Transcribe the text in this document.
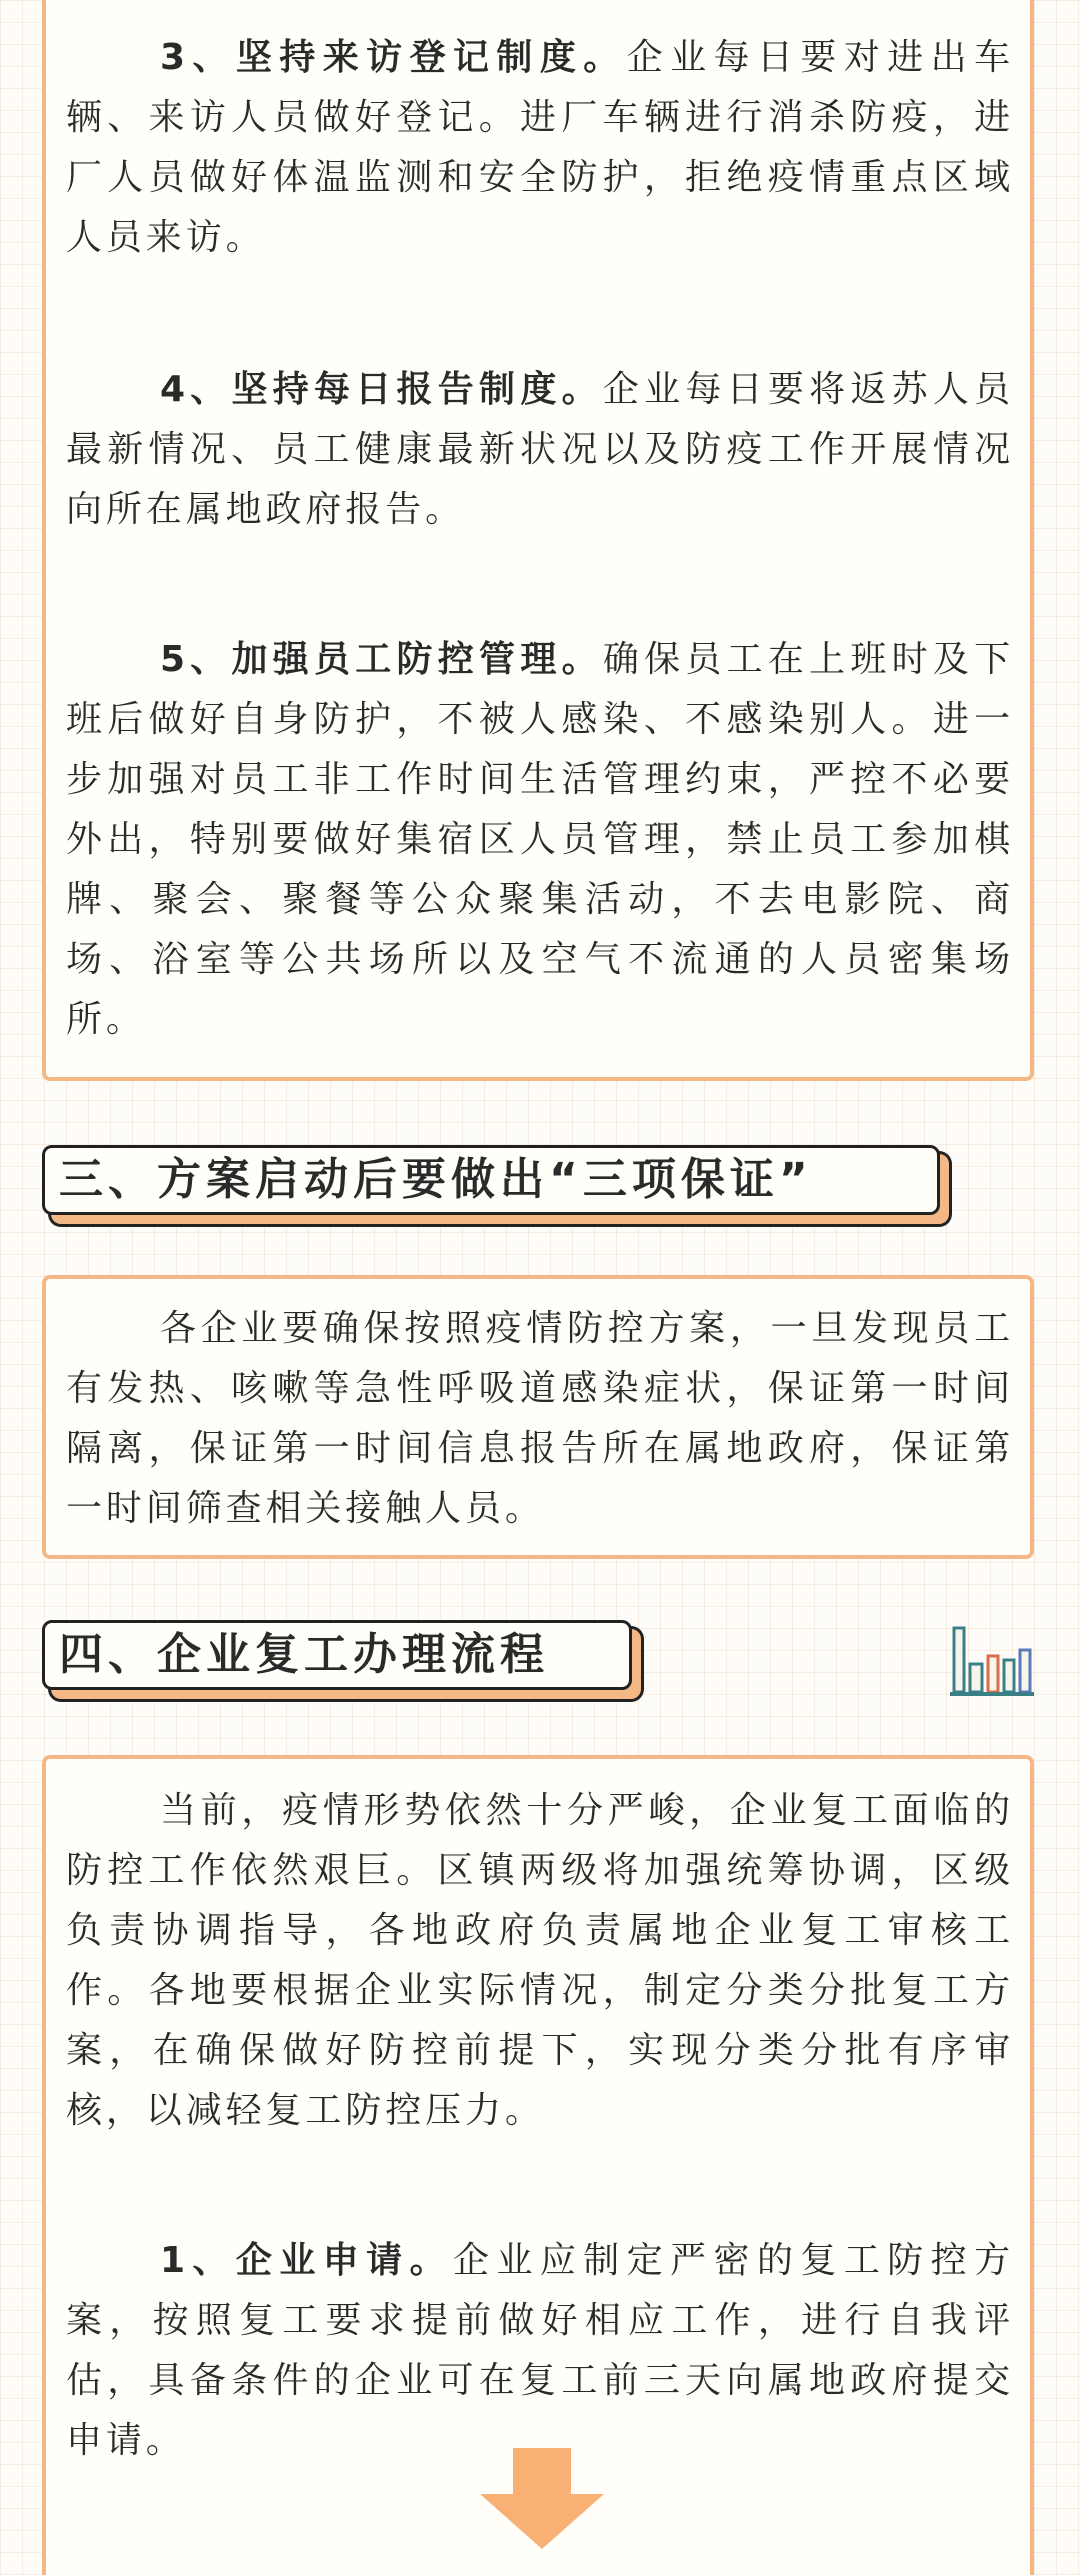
3、坚持来访登记制度。企业每日要对进出车辆、来访人员做好登记。进厂车辆进行消杀防疫，进厂人员做好体温监测和安全防护，拒绝疫情重点区域人员来访。

4、坚持每日报告制度。企业每日要将返苏人员最新情况、员工健康最新状况以及防疫工作开展情况向所在属地政府报告。

5、加强员工防控管理。确保员工在上班时及下班后做好自身防护，不被人感染、不感染别人。进一步加强对员工非工作时间生活管理约束，严控不必要外出，特别要做好集宿区人员管理，禁止员工参加棋牌、聚会、聚餐等公众聚集活动，不去电影院、商场、浴室等公共场所以及空气不流通的人员密集场所。

三、方案启动后要做出“三项保证”

各企业要确保按照疫情防控方案，一旦发现员工有发热、咳嗽等急性呼吸道感染症状，保证第一时间隔离，保证第一时间信息报告所在属地政府，保证第一时间筛查相关接触人员。

四、企业复工办理流程

当前，疫情形势依然十分严峻，企业复工面临的防控工作依然艰巨。区镇两级将加强统筹协调，区级负责协调指导，各地政府负责属地企业复工审核工作。各地要根据企业实际情况，制定分类分批复工方案，在确保做好防控前提下，实现分类分批有序审核，以减轻复工防控压力。

1、企业申请。企业应制定严密的复工防控方案，按照复工要求提前做好相应工作，进行自我评估，具备条件的企业可在复工前三天向属地政府提交申请。
